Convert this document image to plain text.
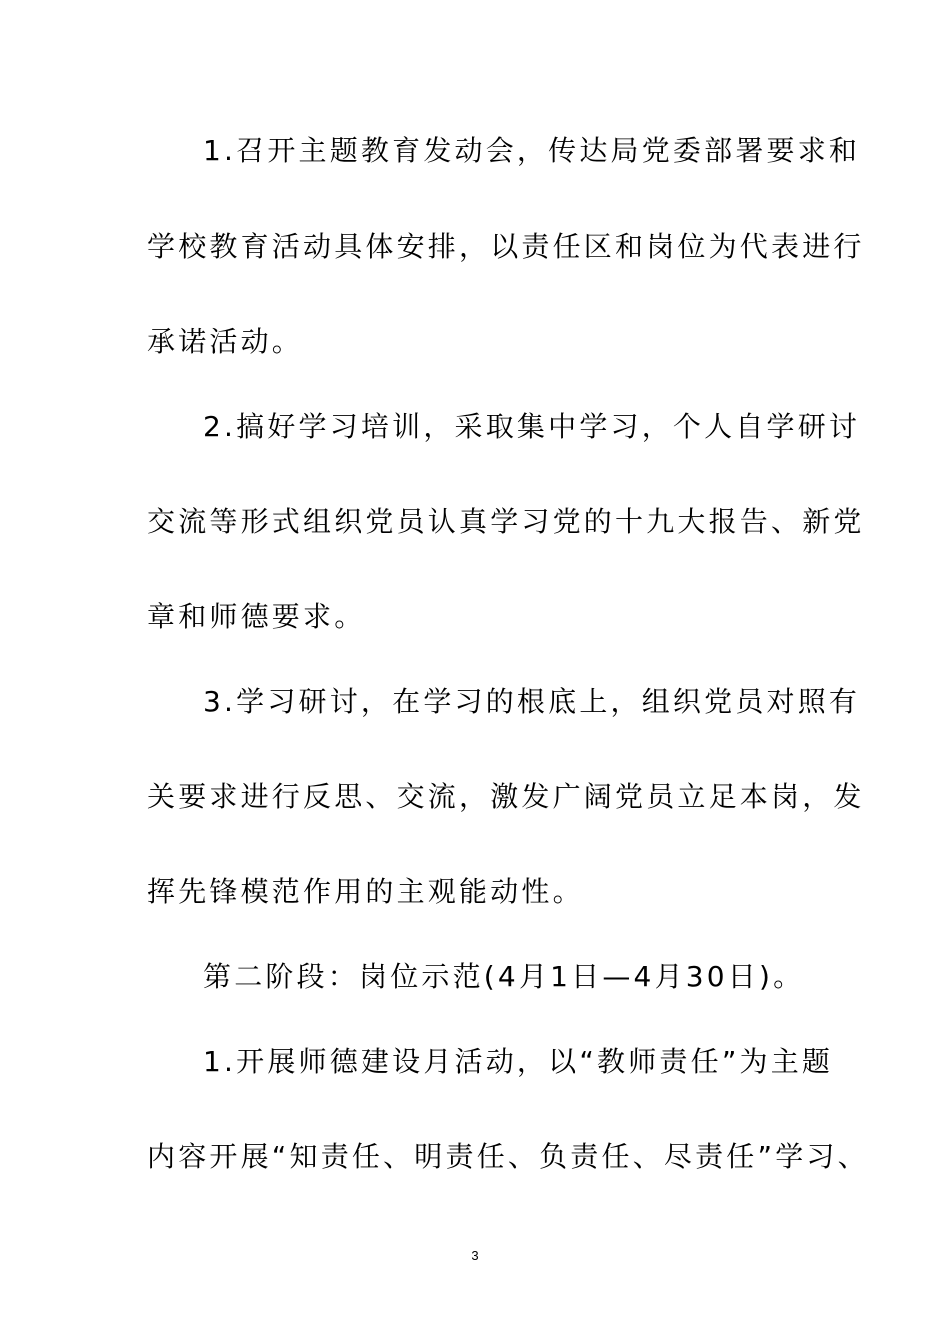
1.召开主题教育发动会，传达局党委部署要求和
学校教育活动具体安排，以责任区和岗位为代表进行
承诺活动。
2.搞好学习培训，采取集中学习，个人自学研讨
交流等形式组织党员认真学习党的十九大报告、新党
章和师德要求。
3.学习研讨，在学习的根底上，组织党员对照有
关要求进行反思、交流，激发广阔党员立足本岗，发
挥先锋模范作用的主观能动性。
第二阶段：岗位示范(4月1日—4月30日)。
1.开展师德建设月活动，以“教师责任”为主题
内容开展“知责任、明责任、负责任、尽责任”学习、
3
